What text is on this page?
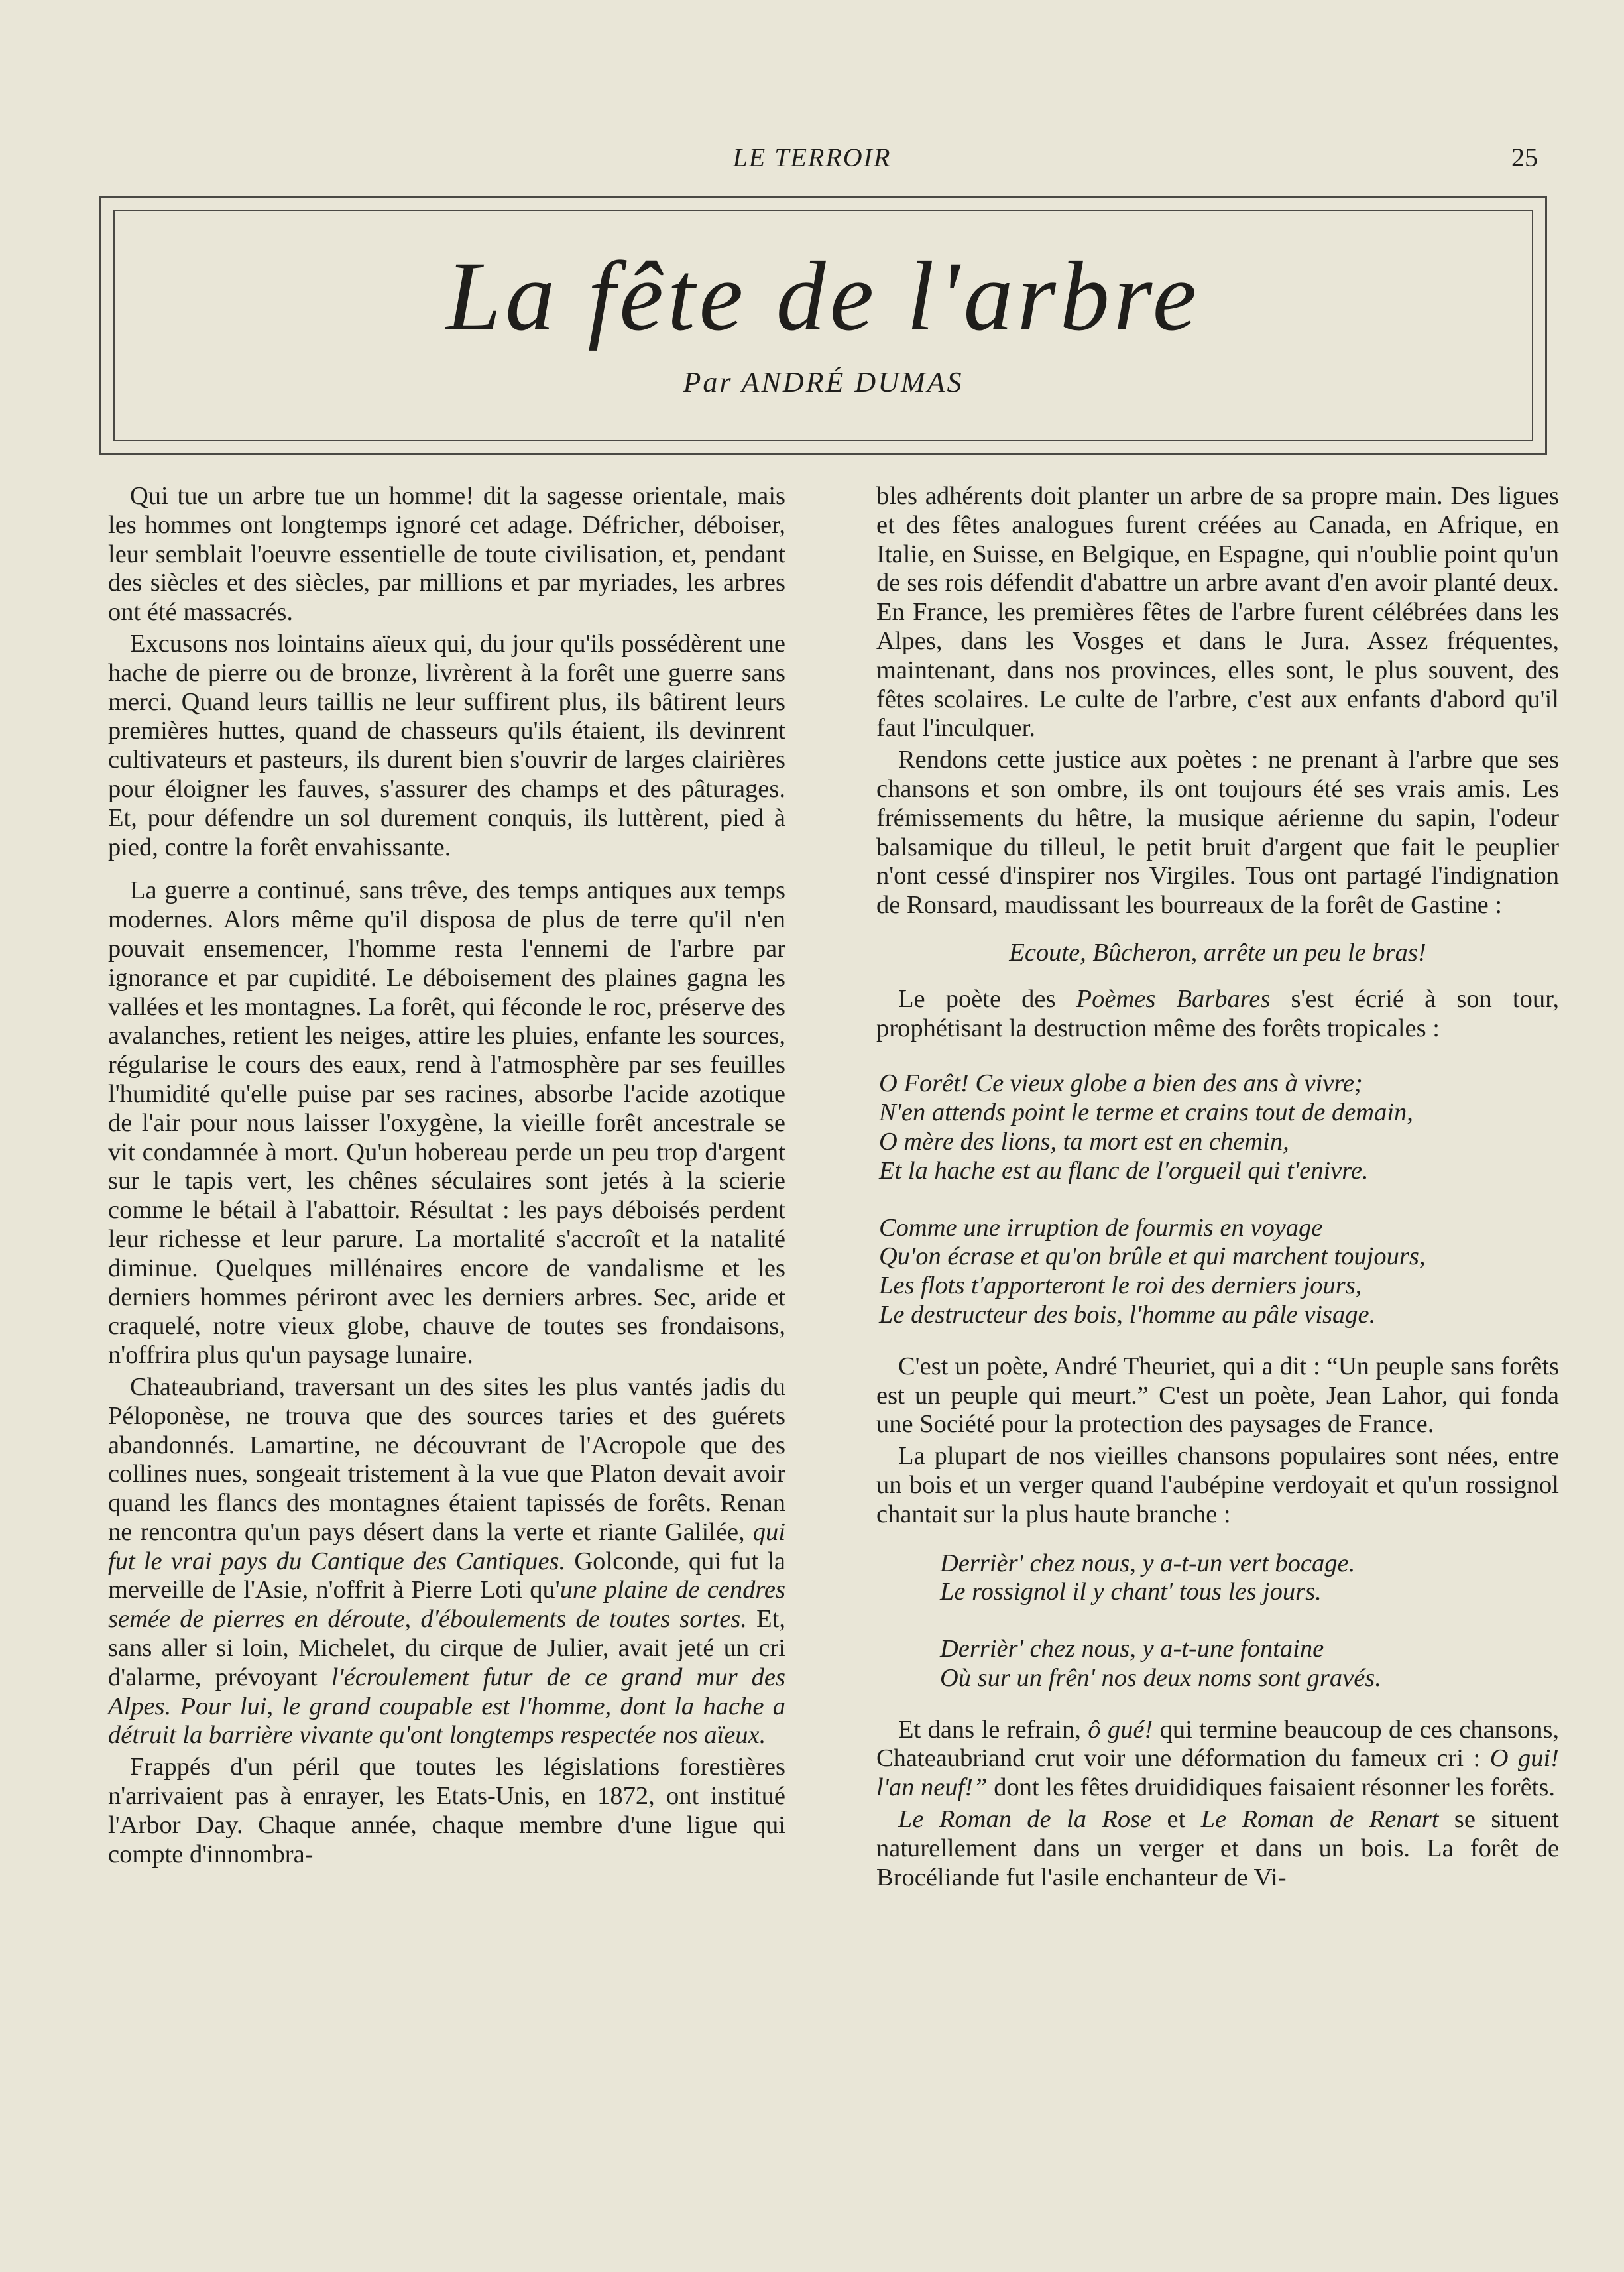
LE TERROIR	25
La fête de l'arbre
Par ANDRÉ DUMAS

Qui tue un arbre tue un homme! dit la sagesse orientale, mais les hommes ont longtemps ignoré cet adage. Défricher, déboiser, leur semblait l'oeuvre essentielle de toute civilisation, et, pendant des siècles et des siècles, par millions et par myriades, les arbres ont été massacrés.

Excusons nos lointains aïeux qui, du jour qu'ils possédèrent une hache de pierre ou de bronze, livrèrent à la forêt une guerre sans merci. Quand leurs taillis ne leur suffirent plus, ils bâtirent leurs premières huttes, quand de chasseurs qu'ils étaient, ils devinrent cultivateurs et pasteurs, ils durent bien s'ouvrir de larges clairières pour éloigner les fauves, s'assurer des champs et des pâturages. Et, pour défendre un sol durement conquis, ils luttèrent, pied à pied, contre la forêt envahissante.

La guerre a continué, sans trêve, des temps antiques aux temps modernes. Alors même qu'il disposa de plus de terre qu'il n'en pouvait ensemencer, l'homme resta l'ennemi de l'arbre par ignorance et par cupidité. Le déboisement des plaines gagna les vallées et les montagnes. La forêt, qui féconde le roc, préserve des avalanches, retient les neiges, attire les pluies, enfante les sources, régularise le cours des eaux, rend à l'atmosphère par ses feuilles l'humidité qu'elle puise par ses racines, absorbe l'acide azotique de l'air pour nous laisser l'oxygène, la vieille forêt ancestrale se vit condamnée à mort. Qu'un hobereau perde un peu trop d'argent sur le tapis vert, les chênes séculaires sont jetés à la scierie comme le bétail à l'abattoir. Résultat : les pays déboisés perdent leur richesse et leur parure. La mortalité s'accroît et la natalité diminue. Quelques millénaires encore de vandalisme et les derniers hommes périront avec les derniers arbres. Sec, aride et craquelé, notre vieux globe, chauve de toutes ses frondaisons, n'offrira plus qu'un paysage lunaire.

Chateaubriand, traversant un des sites les plus vantés jadis du Péloponèse, ne trouva que des sources taries et des guérets abandonnés. Lamartine, ne découvrant de l'Acropole que des collines nues, songeait tristement à la vue que Platon devait avoir quand les flancs des montagnes étaient tapissés de forêts. Renan ne rencontra qu'un pays désert dans la verte et riante Galilée, qui fut le vrai pays du Cantique des Cantiques. Golconde, qui fut la merveille de l'Asie, n'offrit à Pierre Loti qu'une plaine de cendres semée de pierres en déroute, d'éboulements de toutes sortes. Et, sans aller si loin, Michelet, du cirque de Julier, avait jeté un cri d'alarme, prévoyant l'écroulement futur de ce grand mur des Alpes. Pour lui, le grand coupable est l'homme, dont la hache a détruit la barrière vivante qu'ont longtemps respectée nos aïeux.

Frappés d'un péril que toutes les législations forestières n'arrivaient pas à enrayer, les Etats-Unis, en 1872, ont institué l'Arbor Day. Chaque année, chaque membre d'une ligue qui compte d'innombra-

bles adhérents doit planter un arbre de sa propre main. Des ligues et des fêtes analogues furent créées au Canada, en Afrique, en Italie, en Suisse, en Belgique, en Espagne, qui n'oublie point qu'un de ses rois défendit d'abattre un arbre avant d'en avoir planté deux. En France, les premières fêtes de l'arbre furent célébrées dans les Alpes, dans les Vosges et dans le Jura. Assez fréquentes, maintenant, dans nos provinces, elles sont, le plus souvent, des fêtes scolaires. Le culte de l'arbre, c'est aux enfants d'abord qu'il faut l'inculquer.

Rendons cette justice aux poètes : ne prenant à l'arbre que ses chansons et son ombre, ils ont toujours été ses vrais amis. Les frémissements du hêtre, la musique aérienne du sapin, l'odeur balsamique du tilleul, le petit bruit d'argent que fait le peuplier n'ont cessé d'inspirer nos Virgiles. Tous ont partagé l'indignation de Ronsard, maudissant les bourreaux de la forêt de Gastine :

Ecoute, Bûcheron, arrête un peu le bras!

Le poète des Poèmes Barbares s'est écrié à son tour, prophétisant la destruction même des forêts tropicales :

O Forêt! Ce vieux globe a bien des ans à vivre;
N'en attends point le terme et crains tout de demain,
O mère des lions, ta mort est en chemin,
Et la hache est au flanc de l'orgueil qui t'enivre.
Comme une irruption de fourmis en voyage
Qu'on écrase et qu'on brûle et qui marchent toujours,
Les flots t'apporteront le roi des derniers jours,
Le destructeur des bois, l'homme au pâle visage.

C'est un poète, André Theuriet, qui a dit : “Un peuple sans forêts est un peuple qui meurt.” C'est un poète, Jean Lahor, qui fonda une Société pour la protection des paysages de France.

La plupart de nos vieilles chansons populaires sont nées, entre un bois et un verger quand l'aubépine verdoyait et qu'un rossignol chantait sur la plus haute branche :

Derrièr' chez nous, y a-t-un vert bocage.
Le rossignol il y chant' tous les jours.
Derrièr' chez nous, y a-t-une fontaine
Où sur un frên' nos deux noms sont gravés.

Et dans le refrain, ô gué! qui termine beaucoup de ces chansons, Chateaubriand crut voir une déformation du fameux cri : O gui! l'an neuf!” dont les fêtes druididiques faisaient résonner les forêts.

Le Roman de la Rose et Le Roman de Renart se situent naturellement dans un verger et dans un bois. La forêt de Brocéliande fut l'asile enchanteur de Vi-
